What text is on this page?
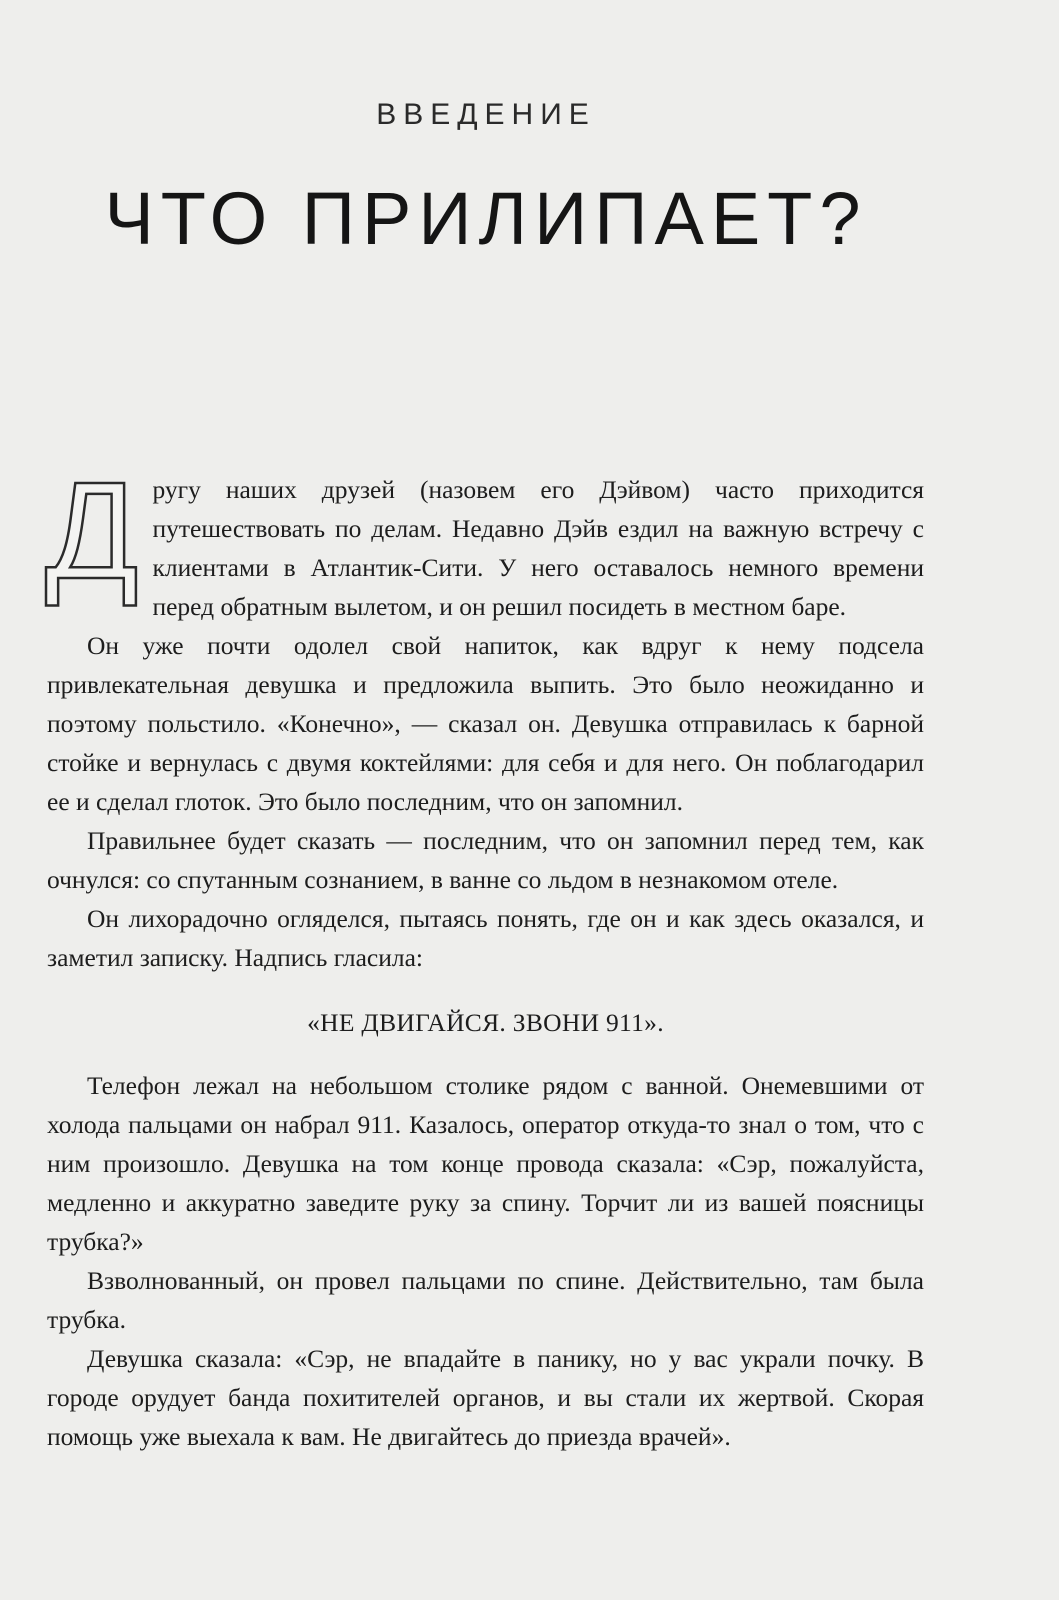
ВВЕДЕНИЕ
ЧТО ПРИЛИПАЕТ?

Другу наших друзей (назовем его Дэйвом) часто приходится путешествовать по делам. Недавно Дэйв ездил на важную встречу с клиентами в Атлантик-Сити. У него оставалось немного времени перед обратным вылетом, и он решил посидеть в местном баре.

Он уже почти одолел свой напиток, как вдруг к нему подсела привлекательная девушка и предложила выпить. Это было неожиданно и поэтому польстило. «Конечно», — сказал он. Девушка отправилась к барной стойке и вернулась с двумя коктейлями: для себя и для него. Он поблагодарил ее и сделал глоток. Это было последним, что он запомнил.

Правильнее будет сказать — последним, что он запомнил перед тем, как очнулся: со спутанным сознанием, в ванне со льдом в незнакомом отеле.

Он лихорадочно огляделся, пытаясь понять, где он и как здесь оказался, и заметил записку. Надпись гласила:

«НЕ ДВИГАЙСЯ. ЗВОНИ 911».

Телефон лежал на небольшом столике рядом с ванной. Онемевшими от холода пальцами он набрал 911. Казалось, оператор откуда-то знал о том, что с ним произошло. Девушка на том конце провода сказала: «Сэр, пожалуйста, медленно и аккуратно заведите руку за спину. Торчит ли из вашей поясницы трубка?»

Взволнованный, он провел пальцами по спине. Действительно, там была трубка.

Девушка сказала: «Сэр, не впадайте в панику, но у вас украли почку. В городе орудует банда похитителей органов, и вы стали их жертвой. Скорая помощь уже выехала к вам. Не двигайтесь до приезда врачей».
